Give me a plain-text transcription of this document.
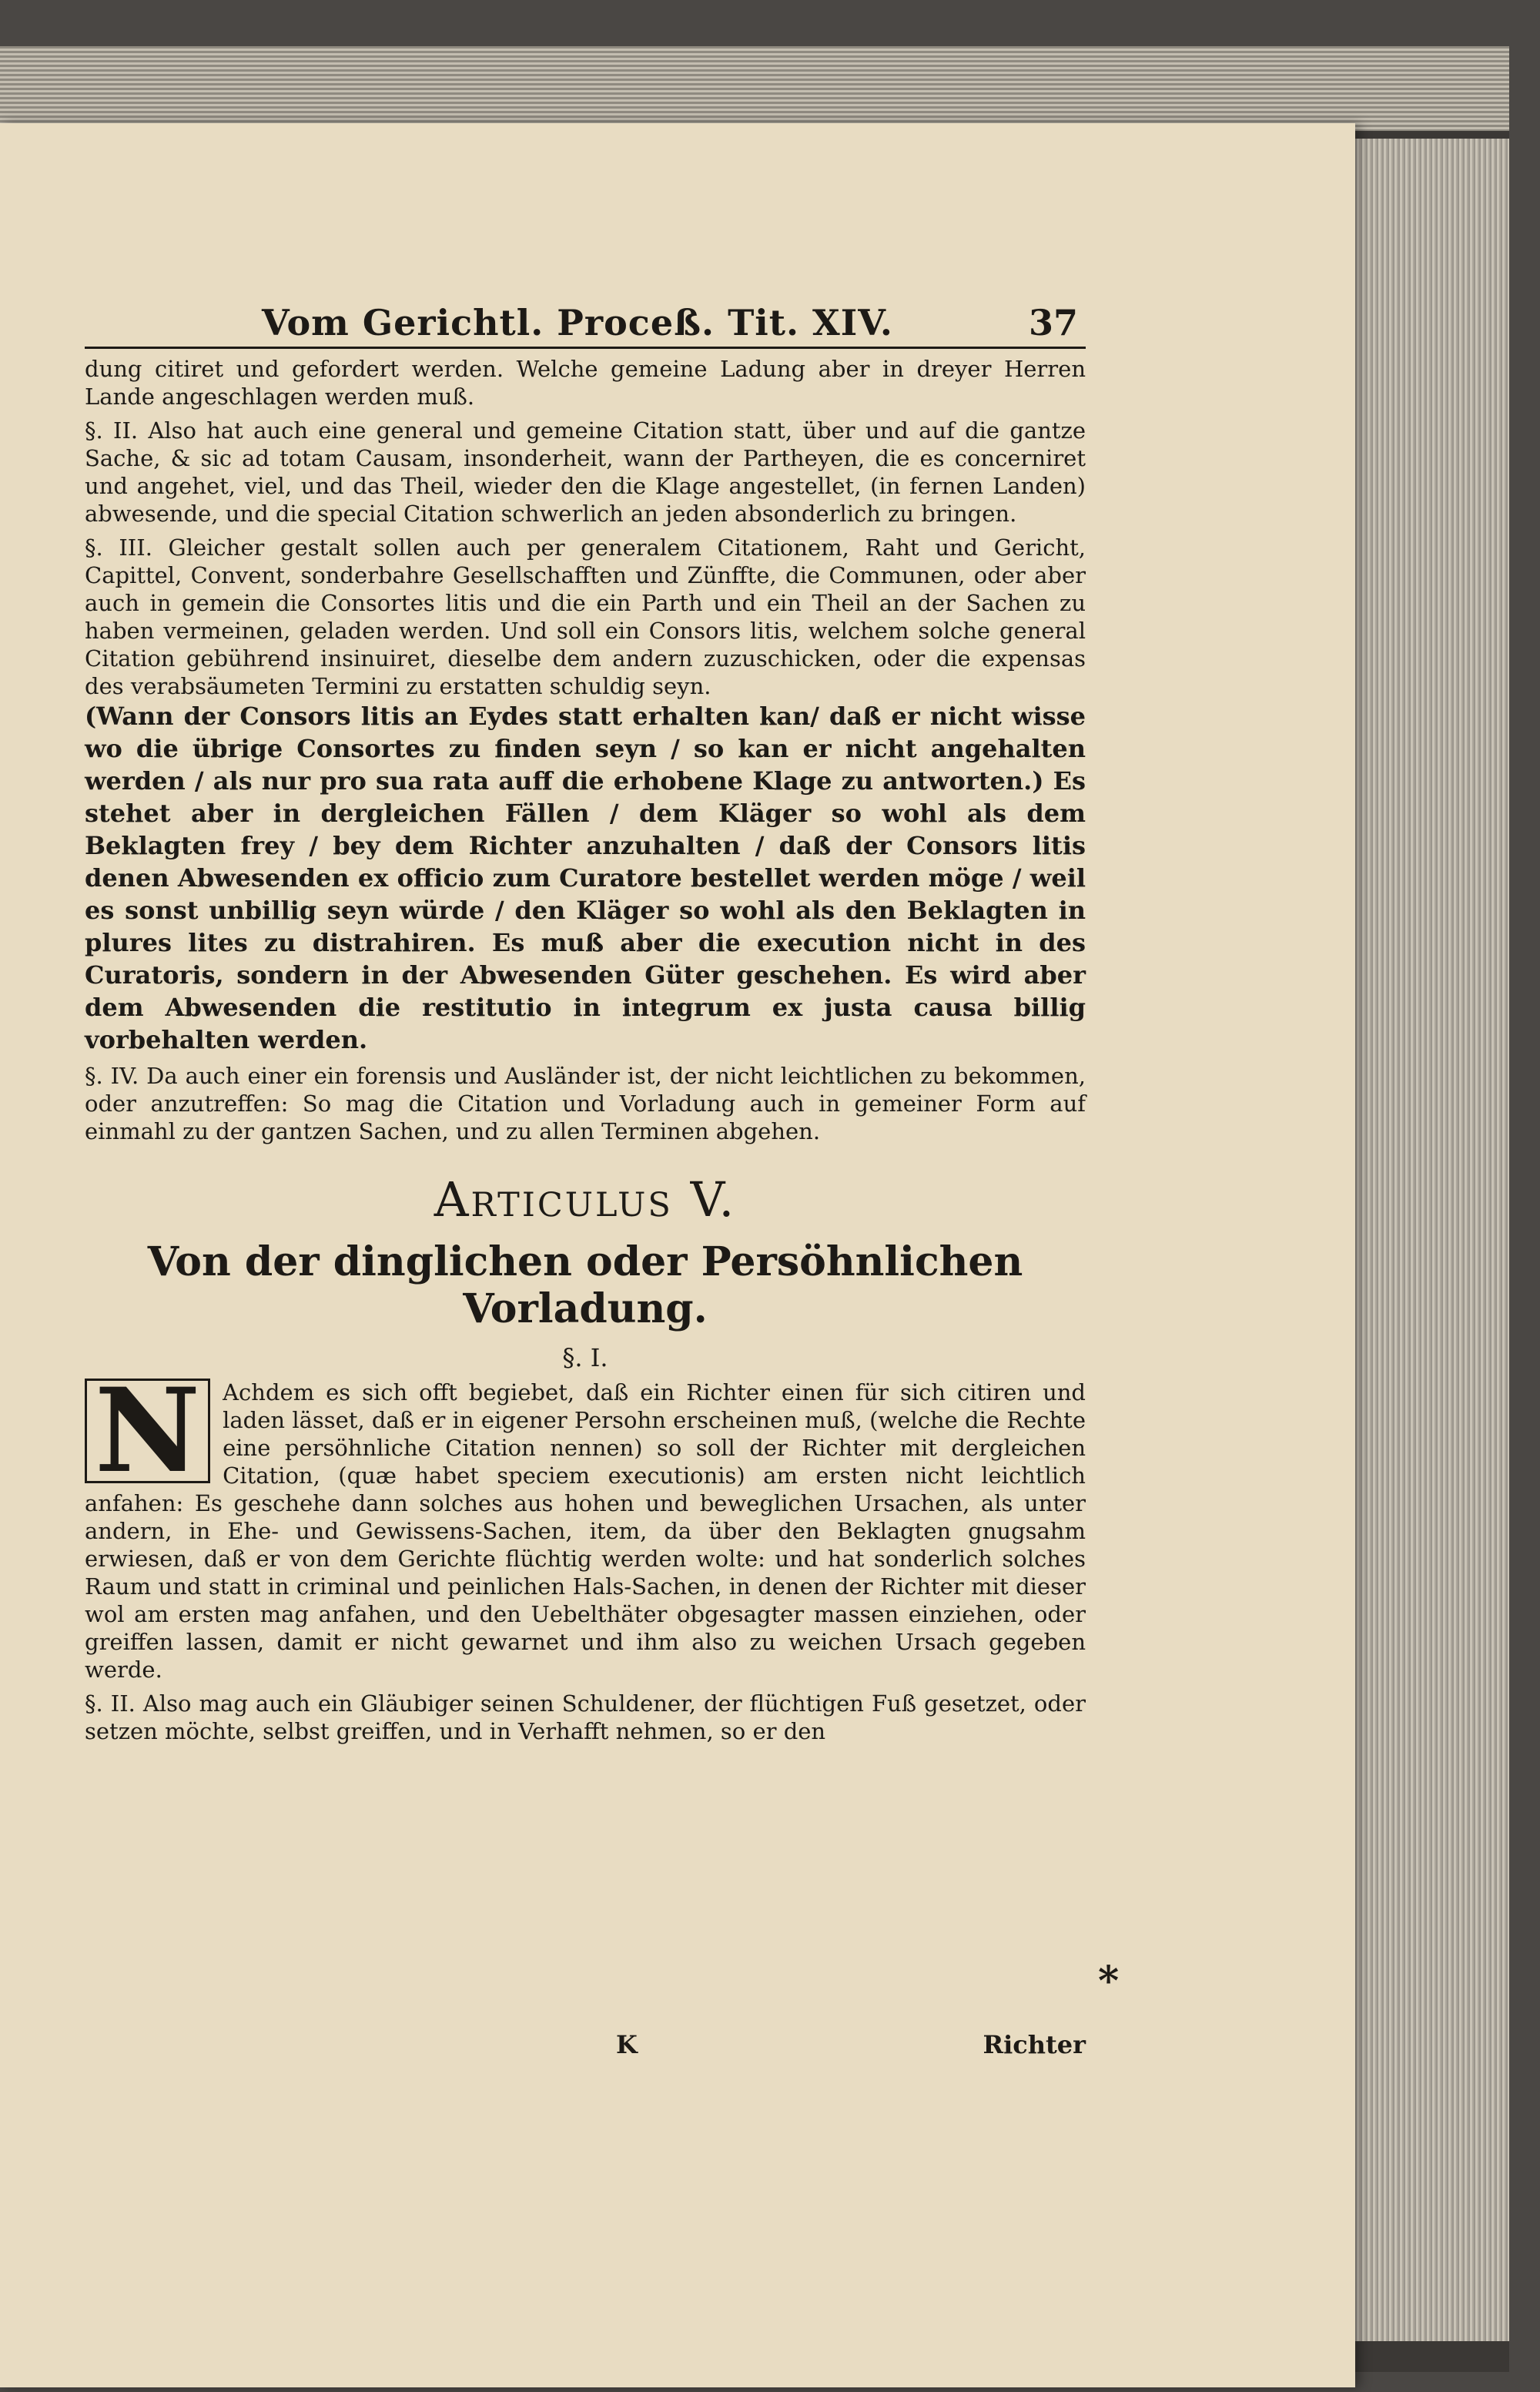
Vom Gerichtl. Proceß. Tit. XIV.	37

dung citiret und gefordert werden. Welche gemeine Ladung aber in dreyer Herren Lande angeschlagen werden muß.

§. II. Also hat auch eine general und gemeine Citation statt, über und auf die gantze Sache, & sic ad totam Causam, insonderheit, wann der Partheyen, die es concerniret und angehet, viel, und das Theil, wieder den die Klage angestellet, (in fernen Landen) abwesende, und die special Citation schwerlich an jeden absonderlich zu bringen.

§. III. Gleicher gestalt sollen auch per generalem Citationem, Raht und Gericht, Capittel, Convent, sonderbahre Gesellschafften und Zünffte, die Communen, oder aber auch in gemein die Consortes litis und die ein Parth und ein Theil an der Sachen zu haben vermeinen, geladen werden. Und soll ein Consors litis, welchem solche general Citation gebührend insinuiret, dieselbe dem andern zuzuschicken, oder die expensas des verabsäumeten Termini zu erstatten schuldig seyn.

(Wann der Consors litis an Eydes statt erhalten kan/ daß er nicht wisse wo die übrige Consortes zu finden seyn / so kan er nicht angehalten werden / als nur pro sua rata auff die erhobene Klage zu antworten.) Es stehet aber in dergleichen Fällen / dem Kläger so wohl als dem Beklagten frey / bey dem Richter anzuhalten / daß der Consors litis denen Abwesenden ex officio zum Curatore bestellet werden möge / weil es sonst unbillig seyn würde / den Kläger so wohl als den Beklagten in plures lites zu distrahiren. Es muß aber die execution nicht in des Curatoris, sondern in der Abwesenden Güter geschehen. Es wird aber dem Abwesenden die restitutio in integrum ex justa causa billig vorbehalten werden.

§. IV. Da auch einer ein forensis und Ausländer ist, der nicht leichtlichen zu bekommen, oder anzutreffen: So mag die Citation und Vorladung auch in gemeiner Form auf einmahl zu der gantzen Sachen, und zu allen Terminen abgehen.

Articulus V.
Von der dinglichen oder Persöhnlichen Vorladung.
§. I.
N	Achdem es sich offt begiebet, daß ein Richter einen für sich citiren und laden lässet, daß er in eigener Persohn erscheinen muß, (welche die Rechte eine persöhnliche Citation nennen) so soll der Richter mit dergleichen Citation, (quæ habet speciem executionis) am ersten nicht leichtlich anfahen: Es geschehe dann solches aus hohen und beweglichen Ursachen, als unter andern, in Ehe- und Gewissens-Sachen, item, da über den Beklagten gnugsahm erwiesen, daß er von dem Gerichte flüchtig werden wolte: und hat sonderlich solches Raum und statt in criminal und peinlichen Hals-Sachen, in denen der Richter mit dieser wol am ersten mag anfahen, und den Uebelthäter obgesagter massen einziehen, oder greiffen lassen, damit er nicht gewarnet und ihm also zu weichen Ursach gegeben werde.

§. II. Also mag auch ein Gläubiger seinen Schuldener, der flüchtigen Fuß gesetzet, oder setzen möchte, selbst greiffen, und in Verhafft nehmen, so er den

*
K	Richter
